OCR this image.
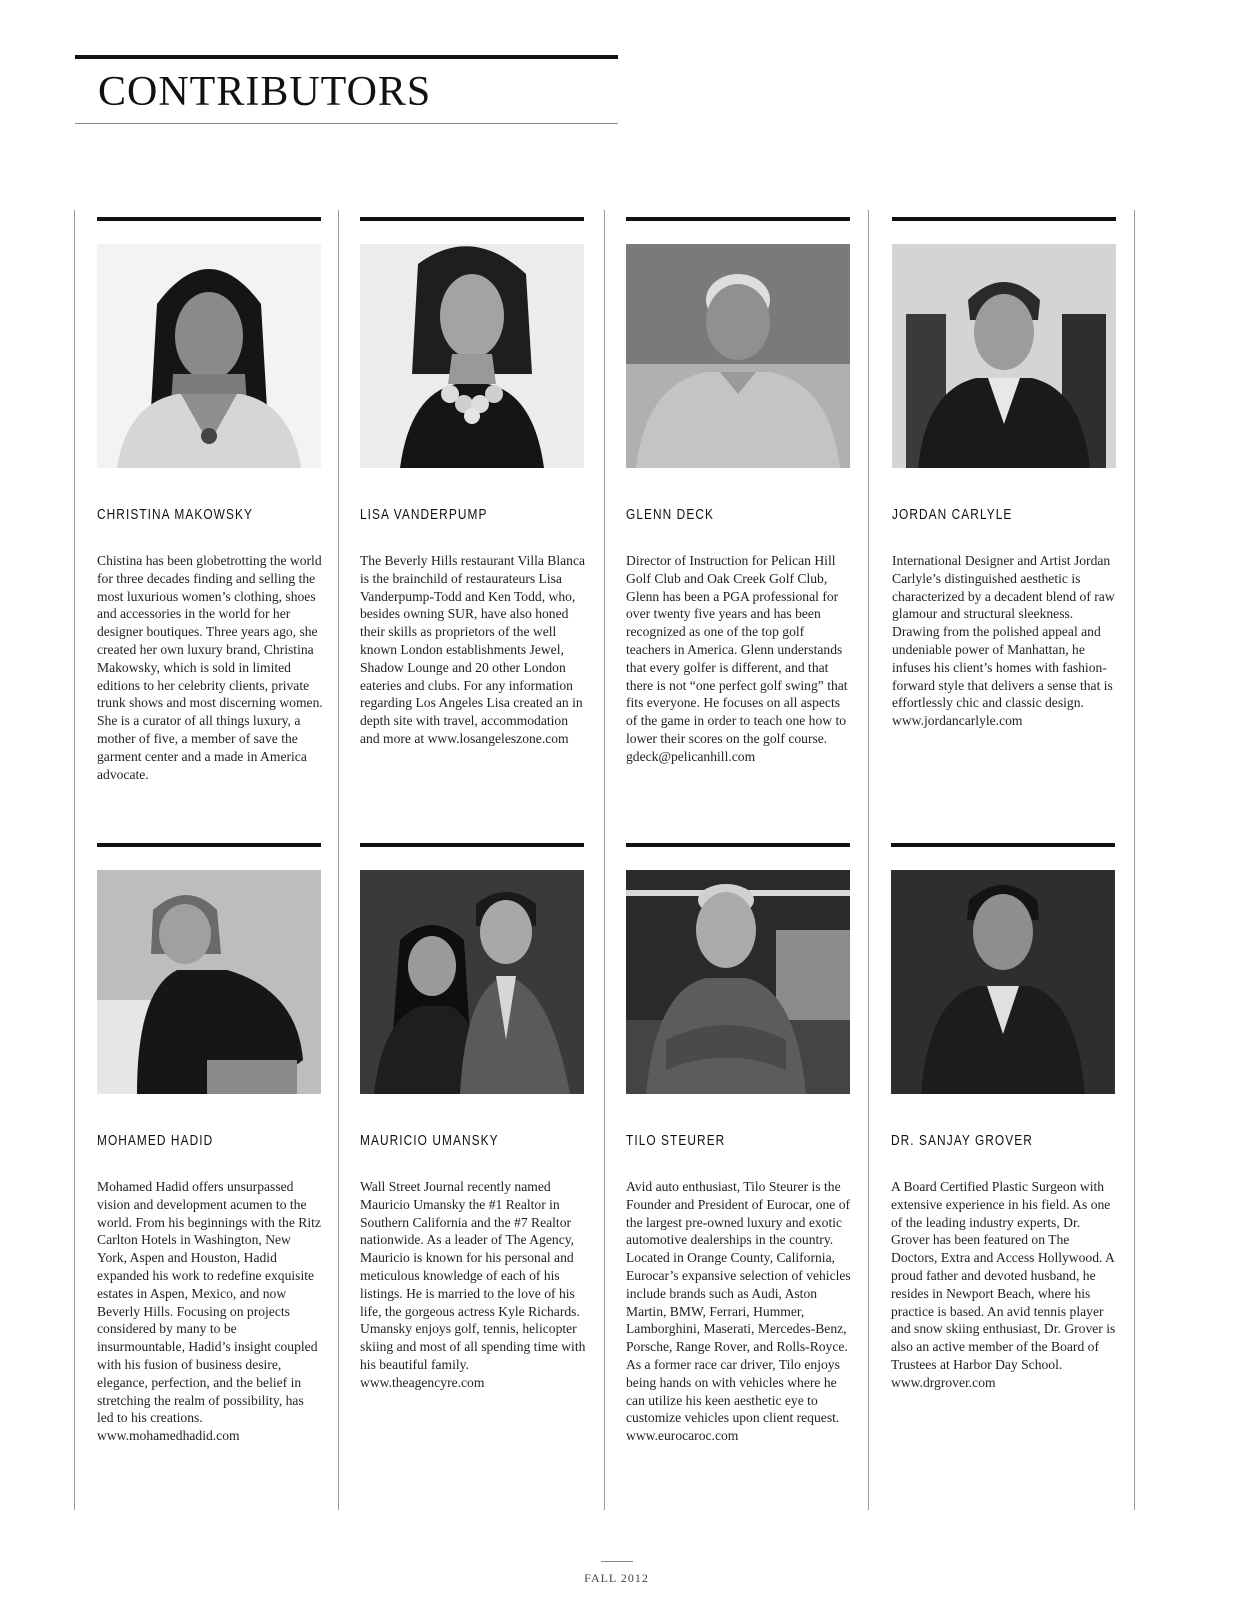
CONTRIBUTORS
CHRISTINA MAKOWSKY

Chistina has been globetrotting the world for three decades finding and selling the most luxurious women’s clothing, shoes and accessories in the world for her designer boutiques. Three years ago, she created her own luxury brand, Christina Makowsky, which is sold in limited editions to her celebrity clients, private trunk shows and most discerning women. She is a curator of all things luxury, a mother of five, a member of save the garment center and a made in America advocate.

LISA VANDERPUMP

The Beverly Hills restaurant Villa Blanca is the brainchild of restaurateurs Lisa Vanderpump-Todd and Ken Todd, who, besides owning SUR, have also honed their skills as proprietors of the well known London establishments Jewel, Shadow Lounge and 20 other London eateries and clubs. For any information regarding Los Angeles Lisa created an in depth site with travel, accommodation and more at www.losangeleszone.com

GLENN DECK

Director of Instruction for Pelican Hill Golf Club and Oak Creek Golf Club, Glenn has been a PGA professional for over twenty five years and has been recognized as one of the top golf teachers in America. Glenn understands that every golfer is different, and that there is not “one perfect golf swing” that fits everyone. He focuses on all aspects of the game in order to teach one how to lower their scores on the golf course. gdeck@pelicanhill.com

JORDAN CARLYLE

International Designer and Artist Jordan Carlyle’s distinguished aesthetic is characterized by a decadent blend of raw glamour and structural sleekness. Drawing from the polished appeal and undeniable power of Manhattan, he infuses his client’s homes with fashion-forward style that delivers a sense that is effortlessly chic and classic design. www.jordancarlyle.com

MOHAMED HADID

Mohamed Hadid offers unsurpassed vision and development acumen to the world. From his beginnings with the Ritz Carlton Hotels in Washington, New York, Aspen and Houston, Hadid expanded his work to redefine exquisite estates in Aspen, Mexico, and now Beverly Hills. Focusing on projects considered by many to be insurmountable, Hadid’s insight coupled with his fusion of business desire, elegance, perfection, and the belief in stretching the realm of possibility, has led to his creations. www.mohamedhadid.com

MAURICIO UMANSKY

Wall Street Journal recently named Mauricio Umansky the #1 Realtor in Southern California and the #7 Realtor nationwide. As a leader of The Agency, Mauricio is known for his personal and meticulous knowledge of each of his listings. He is married to the love of his life, the gorgeous actress Kyle Richards. Umansky enjoys golf, tennis, helicopter skiing and most of all spending time with his beautiful family. www.theagencyre.com

TILO STEURER

Avid auto enthusiast, Tilo Steurer is the Founder and President of Eurocar, one of the largest pre-owned luxury and exotic automotive dealerships in the country. Located in Orange County, California, Eurocar’s expansive selection of vehicles include brands such as Audi, Aston Martin, BMW, Ferrari, Hummer, Lamborghini, Maserati, Mercedes-Benz, Porsche, Range Rover, and Rolls-Royce. As a former race car driver, Tilo enjoys being hands on with vehicles where he can utilize his keen aesthetic eye to customize vehicles upon client request. www.eurocaroc.com

DR. SANJAY GROVER

A Board Certified Plastic Surgeon with extensive experience in his field. As one of the leading industry experts, Dr. Grover has been featured on The Doctors, Extra and Access Hollywood. A proud father and devoted husband, he resides in Newport Beach, where his practice is based. An avid tennis player and snow skiing enthusiast, Dr. Grover is also an active member of the Board of Trustees at Harbor Day School. www.drgrover.com

FALL 2012
